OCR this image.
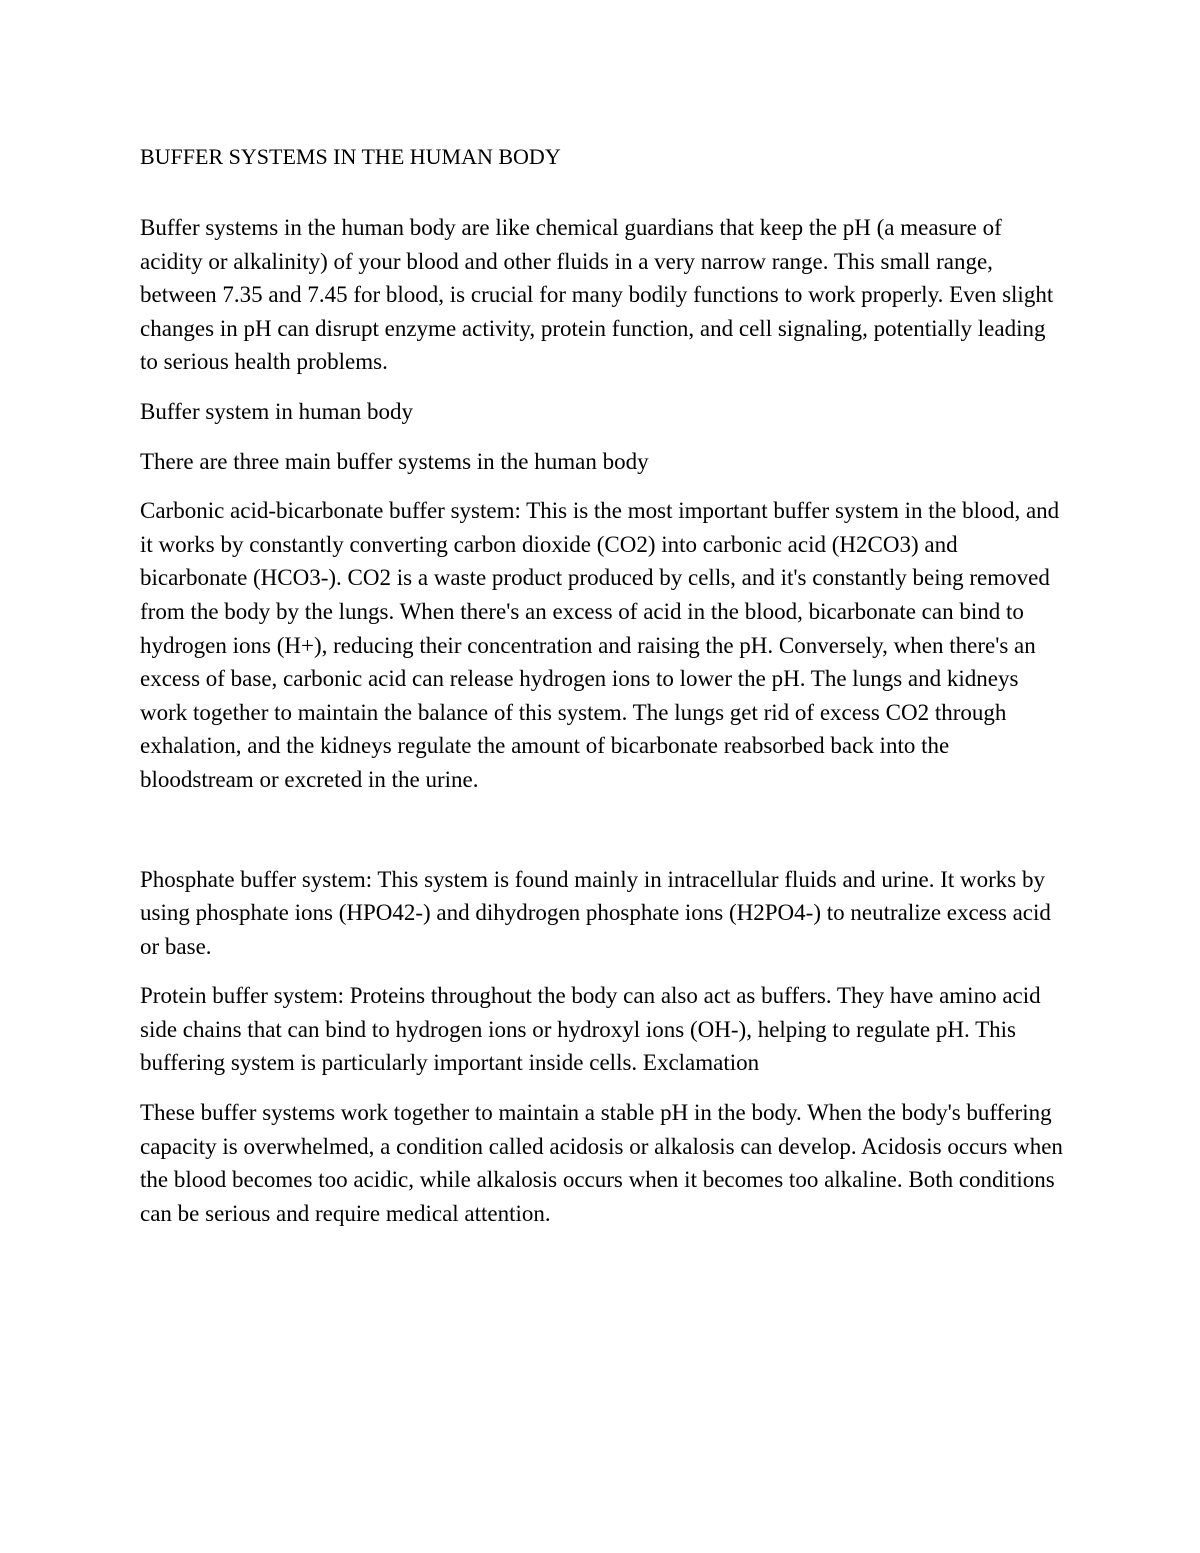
BUFFER SYSTEMS IN THE HUMAN BODY

Buffer systems in the human body are like chemical guardians that keep the pH (a measure of acidity or alkalinity) of your blood and other fluids in a very narrow range. This small range, between 7.35 and 7.45 for blood, is crucial for many bodily functions to work properly. Even slight changes in pH can disrupt enzyme activity, protein function, and cell signaling, potentially leading to serious health problems.

Buffer system in human body

There are three main buffer systems in the human body

Carbonic acid-bicarbonate buffer system: This is the most important buffer system in the blood, and it works by constantly converting carbon dioxide (CO2) into carbonic acid (H2CO3) and bicarbonate (HCO3-). CO2 is a waste product produced by cells, and it's constantly being removed from the body by the lungs. When there's an excess of acid in the blood, bicarbonate can bind to hydrogen ions (H+), reducing their concentration and raising the pH. Conversely, when there's an excess of base, carbonic acid can release hydrogen ions to lower the pH. The lungs and kidneys work together to maintain the balance of this system. The lungs get rid of excess CO2 through exhalation, and the kidneys regulate the amount of bicarbonate reabsorbed back into the bloodstream or excreted in the urine.

Phosphate buffer system: This system is found mainly in intracellular fluids and urine. It works by using phosphate ions (HPO42-) and dihydrogen phosphate ions (H2PO4-) to neutralize excess acid or base.

Protein buffer system: Proteins throughout the body can also act as buffers. They have amino acid side chains that can bind to hydrogen ions or hydroxyl ions (OH-), helping to regulate pH. This buffering system is particularly important inside cells. Exclamation

These buffer systems work together to maintain a stable pH in the body. When the body's buffering capacity is overwhelmed, a condition called acidosis or alkalosis can develop. Acidosis occurs when the blood becomes too acidic, while alkalosis occurs when it becomes too alkaline. Both conditions can be serious and require medical attention.
